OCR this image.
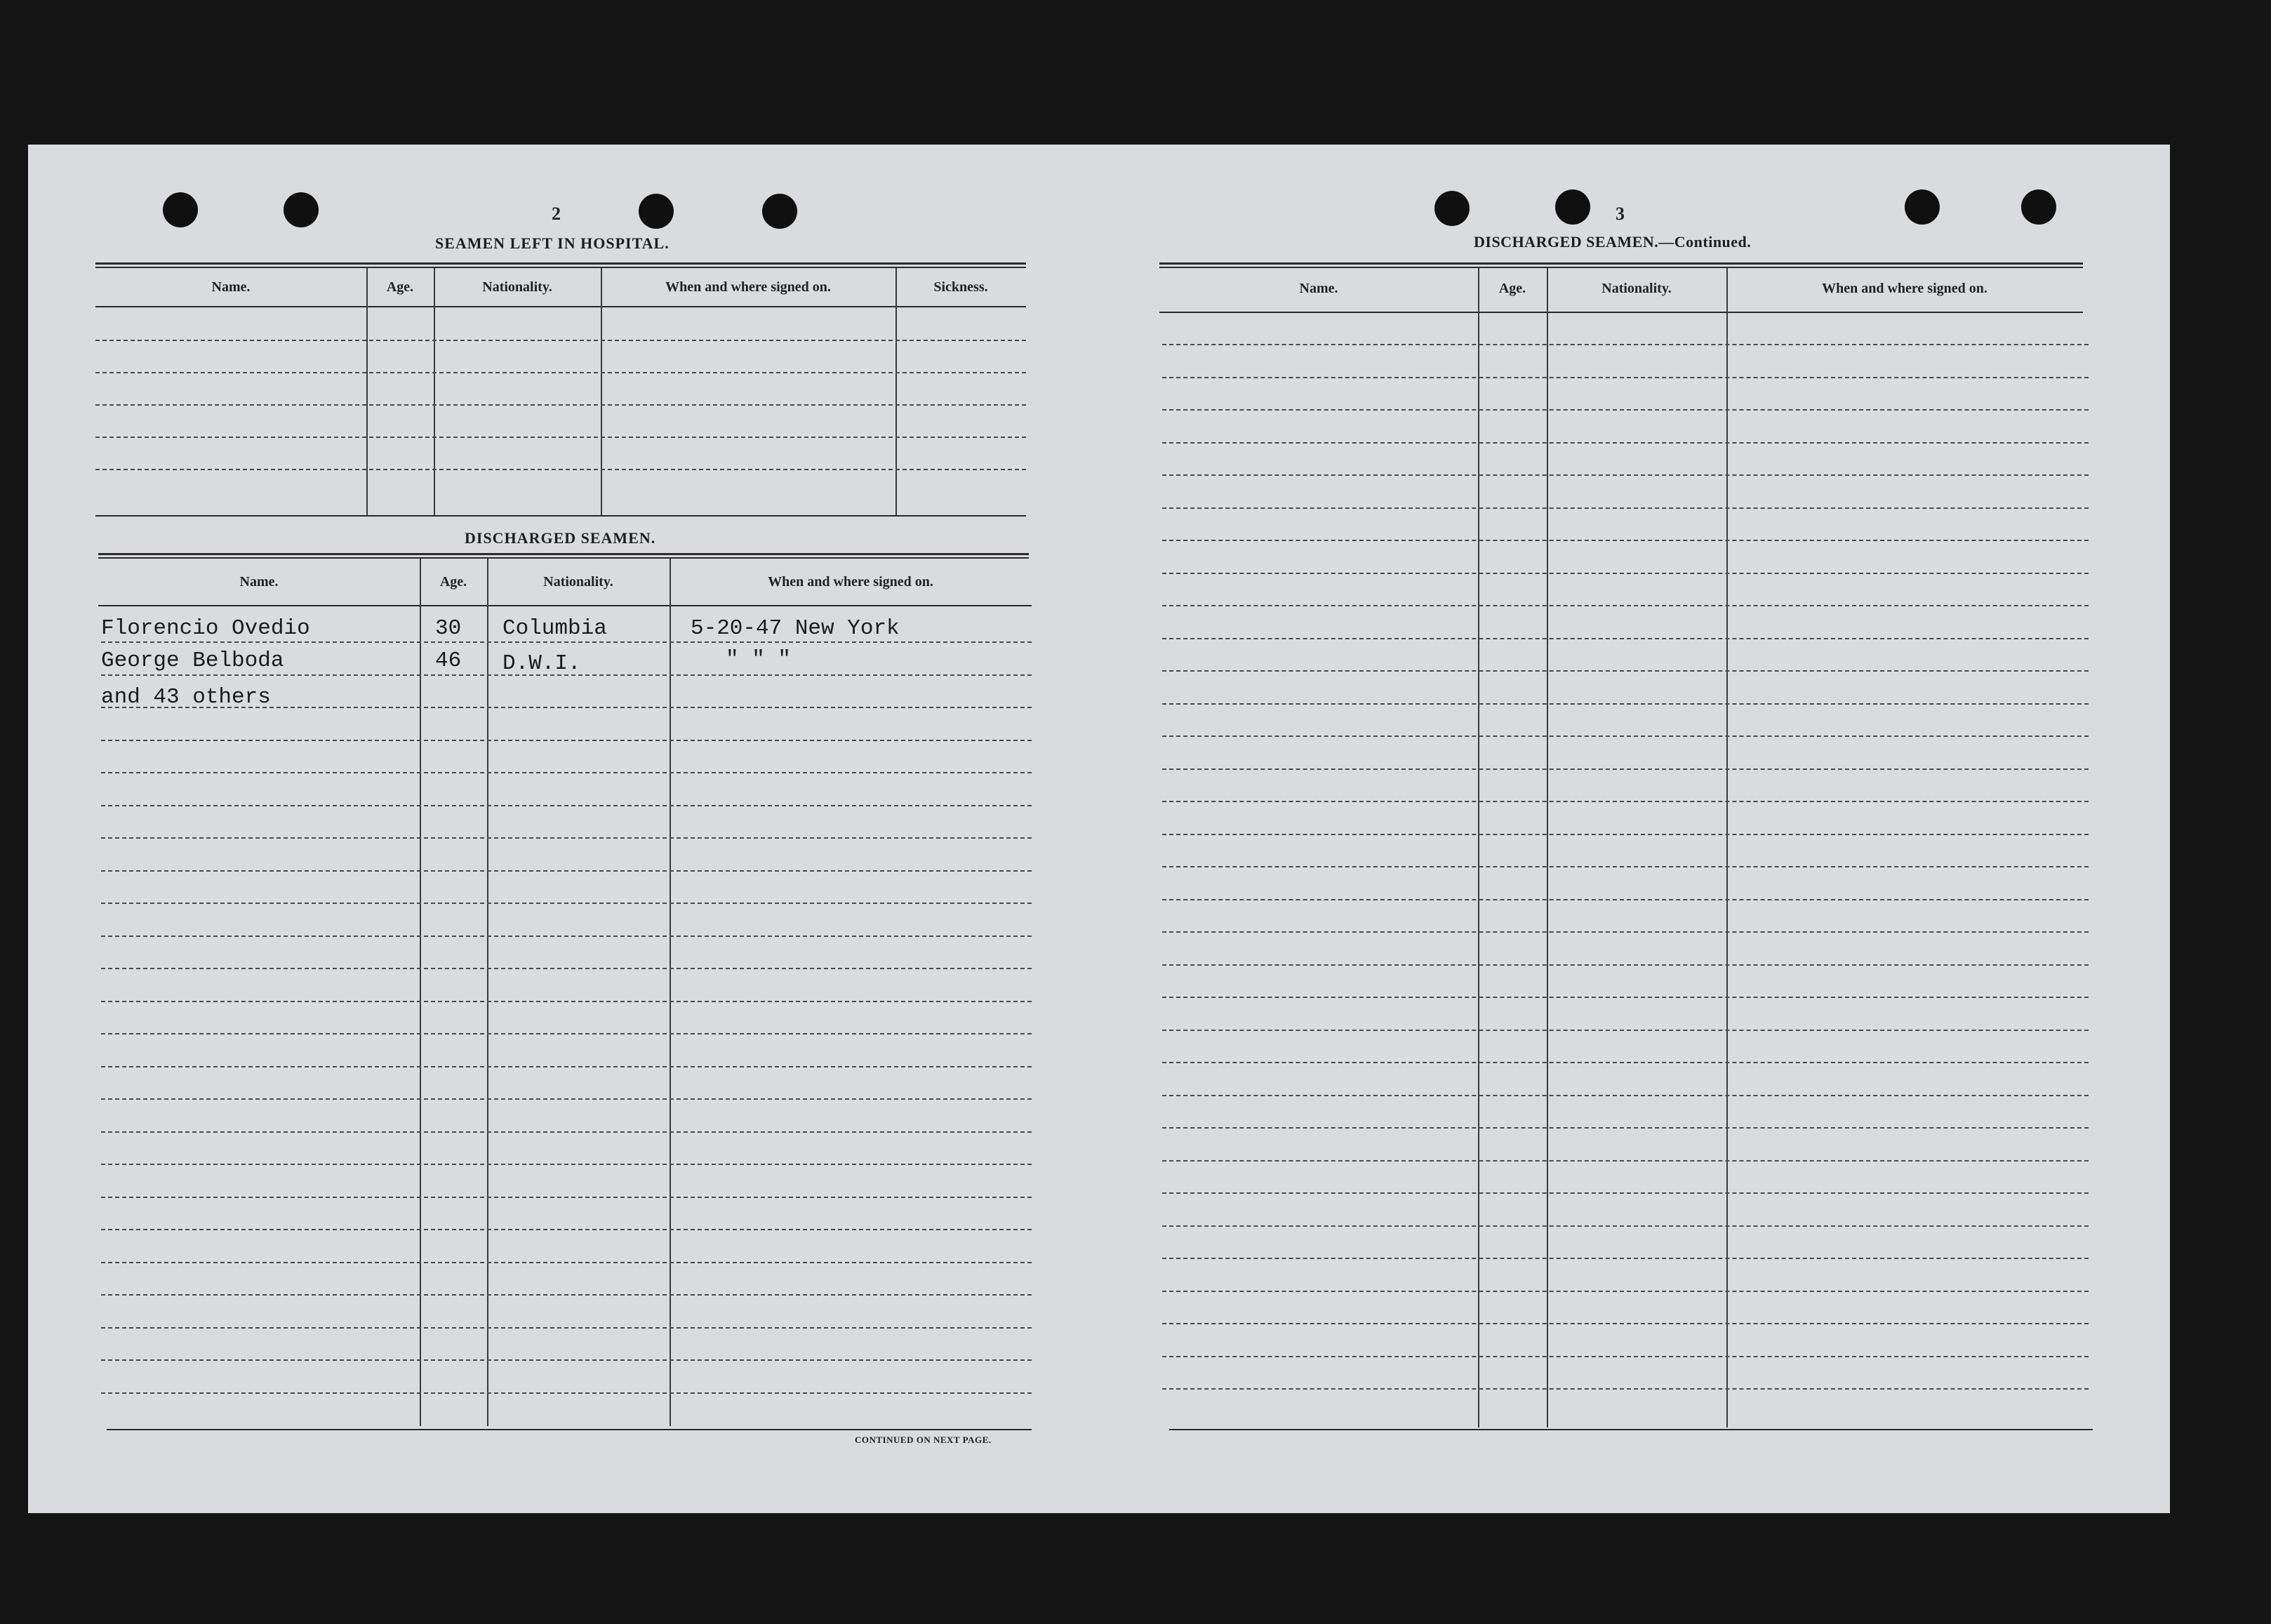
2
SEAMEN LEFT IN HOSPITAL.
Name.	Age.	Nationality.	When and where signed on.	Sickness.
DISCHARGED SEAMEN.
Name.	Age.	Nationality.	When and where signed on.
Florencio Ovedio	30 Columbia	5-20-47 New York
George Belboda	46 D.W.I.	" " "
and 43 others
CONTINUED ON NEXT PAGE.
3
DISCHARGED SEAMEN.—Continued.
Name.	Age.	Nationality.	When and where signed on.
